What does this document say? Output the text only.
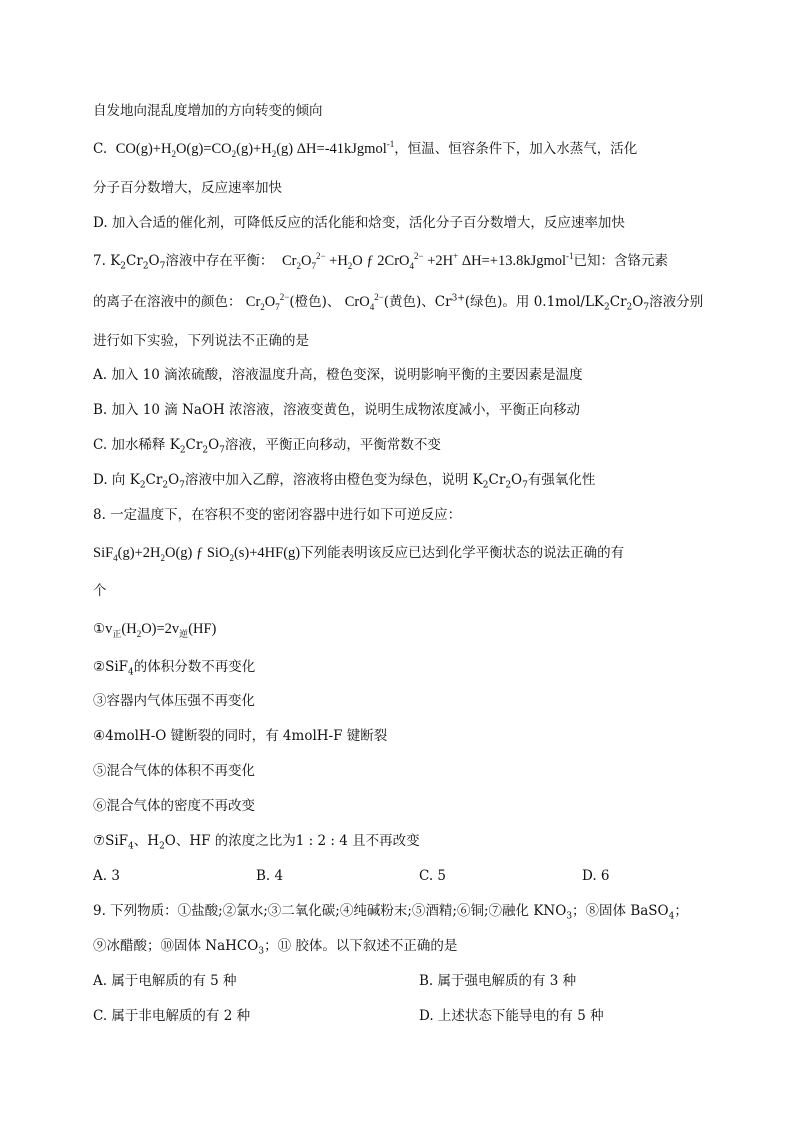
自发地向混乱度增加的方向转变的倾向
C. $CO(g)+H_2O(g)=CO_2(g)+H_2(g)$ ΔH=-41kJgmol$^{-1}$，恒温、恒容条件下，加入水蒸气，活化
分子百分数增大，反应速率加快
D. 加入合适的催化剂，可降低反应的活化能和焓变，活化分子百分数增大，反应速率加快
7. $K_2Cr_2O_7$溶液中存在平衡： $Cr_2O_7^{2-} +H_2O$ ƒ 2CrO$_4^{2-}$ +2H+ ΔH=+13.8kJgmol$^{-1}$已知：含铬元素
的离子在溶液中的颜色： $Cr_2O_7^{2-}$(橙色)、 CrO$_4^{2-}$(黄色)、$Cr^{3+}$(绿色)。用 $0.1mol/LK_2Cr_2O_7$溶液分别
进行如下实验，下列说法不正确的是
A. 加入 10 滴浓硫酸，溶液温度升高，橙色变深，说明影响平衡的主要因素是温度
B. 加入 10 滴 NaOH 浓溶液，溶液变黄色，说明生成物浓度减小，平衡正向移动
C. 加水稀释 $K_2Cr_2O_7$溶液，平衡正向移动，平衡常数不变
D. 向 $K_2Cr_2O_7$溶液中加入乙醇，溶液将由橙色变为绿色，说明 $K_2Cr_2O_7$有强氧化性
8. 一定温度下，在容积不变的密闭容器中进行如下可逆反应：
$SiF_4(g)+2H_2O(g)$ ƒ SiO$_2$(s)+4HF(g)下列能表明该反应已达到化学平衡状态的说法正确的有
个
$①v_正(H_2O)=2v_逆(HF)$
②SiF$_4$的体积分数不再变化
③容器内气体压强不再变化
④4molH-O 键断裂的同时，有 4molH-F 键断裂
⑤混合气体的体积不再变化
⑥混合气体的密度不再改变
⑦SiF$_4$、$H_2O$、HF 的浓度之比为1 : 2 : 4 且不再改变
A. 3	B. 4	C. 5	D. 6
9. 下列物质：①盐酸;②氯水;③二氧化碳;④纯碱粉末;⑤酒精;⑥铜;⑦融化 $KNO_3$；⑧固体 BaSO$_4$；
⑨冰醋酸；⑩固体 NaHCO$_3$；⑪ 胶体。以下叙述不正确的是
A. 属于电解质的有 5 种	B. 属于强电解质的有 3 种
C. 属于非电解质的有 2 种	D. 上述状态下能导电的有 5 种
